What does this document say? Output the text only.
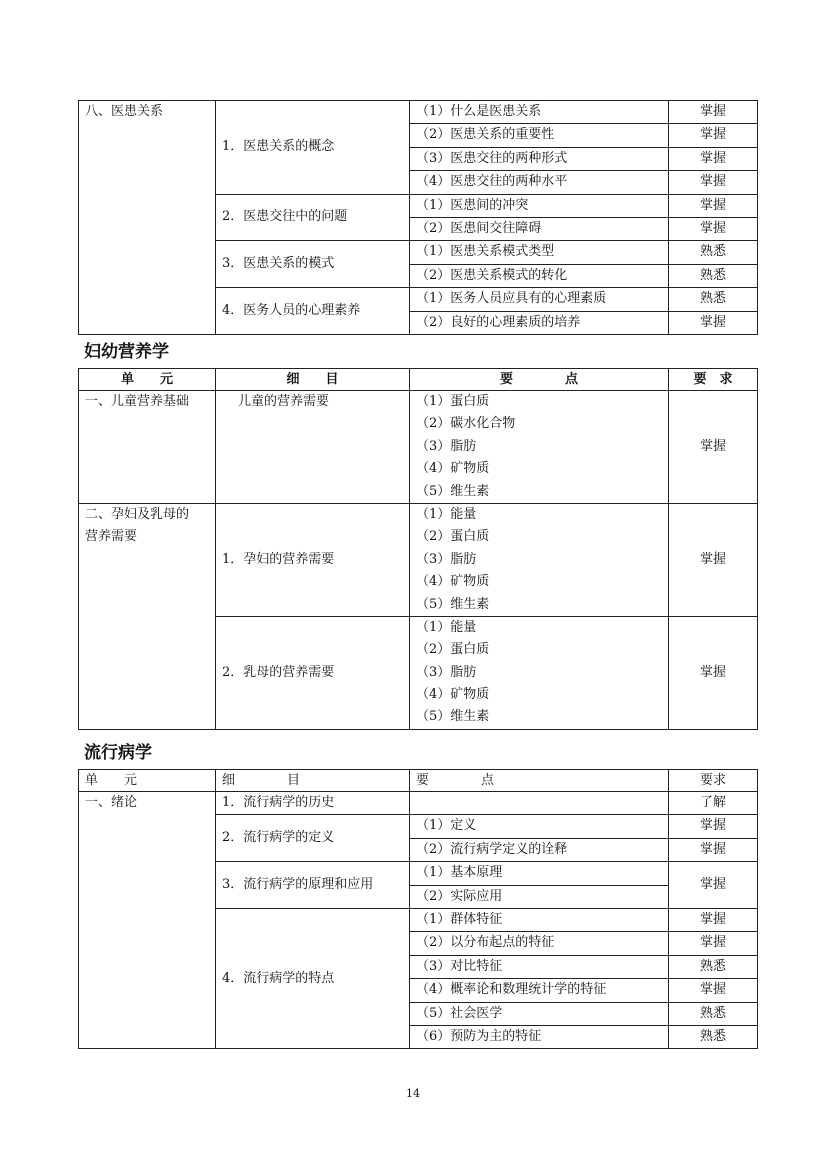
八、医患关系	1．医患关系的概念	（1）什么是医患关系	掌握
		（2）医患关系的重要性	掌握
		（3）医患交往的两种形式	掌握
		（4）医患交往的两种水平	掌握
	2．医患交往中的问题	（1）医患间的冲突	掌握
		（2）医患间交往障碍	掌握
	3．医患关系的模式	（1）医患关系模式类型	熟悉
		（2）医患关系模式的转化	熟悉
	4．医务人员的心理素养	（1）医务人员应具有的心理素质	熟悉
		（2）良好的心理素质的培养	掌握
妇幼营养学
单　　元	细　　目	要　　　　点	要　求
一、儿童营养基础	儿童的营养需要	（1）蛋白质
（2）碳水化合物
（3）脂肪
（4）矿物质
（5）维生素	掌握

二、孕妇及乳母的
营养需要	1．孕妇的营养需要	（1）能量
（2）蛋白质
（3）脂肪
（4）矿物质
（5）维生素	掌握
	2．乳母的营养需要	（1）能量
（2）蛋白质
（3）脂肪
（4）矿物质
（5）维生素	掌握
流行病学
单　　元	细　　　　目	要　　　　点	要求
一、绪论	1．流行病学的历史		了解
	2．流行病学的定义	（1）定义	掌握
		（2）流行病学定义的诠释	掌握
	3．流行病学的原理和应用	（1）基本原理	掌握
		（2）实际应用	
	4．流行病学的特点	（1）群体特征	掌握
		（2）以分布起点的特征	掌握
		（3）对比特征	熟悉
		（4）概率论和数理统计学的特征	掌握
		（5）社会医学	熟悉
		（6）预防为主的特征	熟悉
14
